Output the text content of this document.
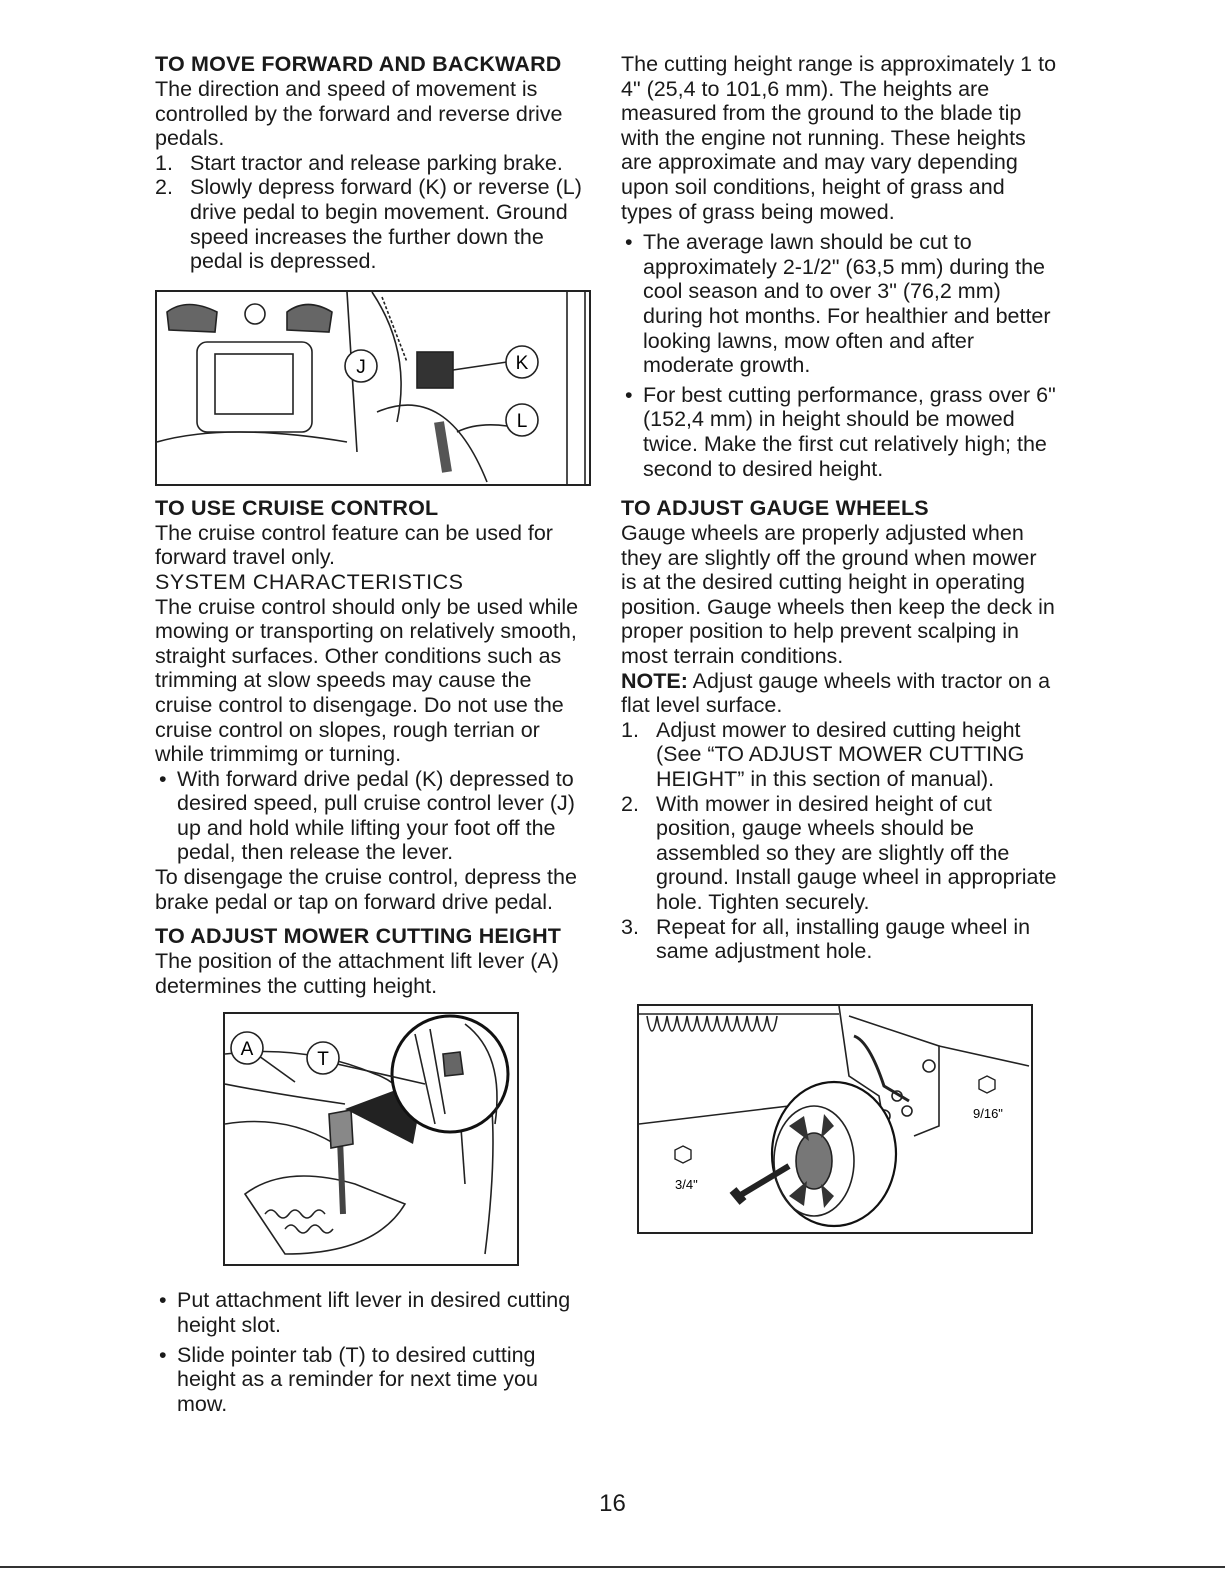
TO MOVE FORWARD AND BACKWARD

The direction and speed of movement is controlled by the forward and reverse drive pedals.

1. Start tractor and release parking brake.
2. Slowly depress forward (K) or reverse (L) drive pedal to begin movement. Ground speed increases the further down the pedal is depressed.
J	K
L
TO USE CRUISE CONTROL

The cruise control feature can be used for forward travel only.

SYSTEM CHARACTERISTICS

The cruise control should only be used while mowing or transporting on relatively smooth, straight surfaces. Other conditions such as trimming at slow speeds may cause the cruise control to disengage. Do not use the cruise control on slopes, rough terrian or while trimmimg or turning.

• With forward drive pedal (K) depressed to desired speed, pull cruise control lever (J) up and hold while lifting your foot off the pedal, then release the lever.

To disengage the cruise control, depress the brake pedal or tap on forward drive pedal.

TO ADJUST MOWER CUTTING HEIGHT

The position of the attachment lift lever (A) determines the cutting height.

A	T
• Put attachment lift lever in desired cutting height slot.
• Slide pointer tab (T) to desired cutting height as a reminder for next time you mow.

The cutting height range is approximately 1 to 4" (25,4 to 101,6 mm). The heights are measured from the ground to the blade tip with the engine not running. These heights are approximate and may vary depending upon soil conditions, height of grass and types of grass being mowed.

• The average lawn should be cut to approximately 2-1/2" (63,5 mm) during the cool season and to over 3" (76,2 mm) during hot months. For healthier and better looking lawns, mow often and after moderate growth.
• For best cutting performance, grass over 6" (152,4 mm) in height should be mowed twice. Make the first cut relatively high; the second to desired height.
TO ADJUST GAUGE WHEELS

Gauge wheels are properly adjusted when they are slightly off the ground when mower is at the desired cutting height in operating position. Gauge wheels then keep the deck in proper position to help prevent scalping in most terrain conditions.

NOTE: Adjust gauge wheels with tractor on a flat level surface.

1. Adjust mower to desired cutting height (See “TO ADJUST MOWER CUTTING HEIGHT” in this section of manual).
2. With mower in desired height of cut position, gauge wheels should be assembled so they are slightly off the ground. Install gauge wheel in appropriate hole. Tighten securely.
3. Repeat for all, installing gauge wheel in same adjustment hole.
3/4"
9/16"
16
